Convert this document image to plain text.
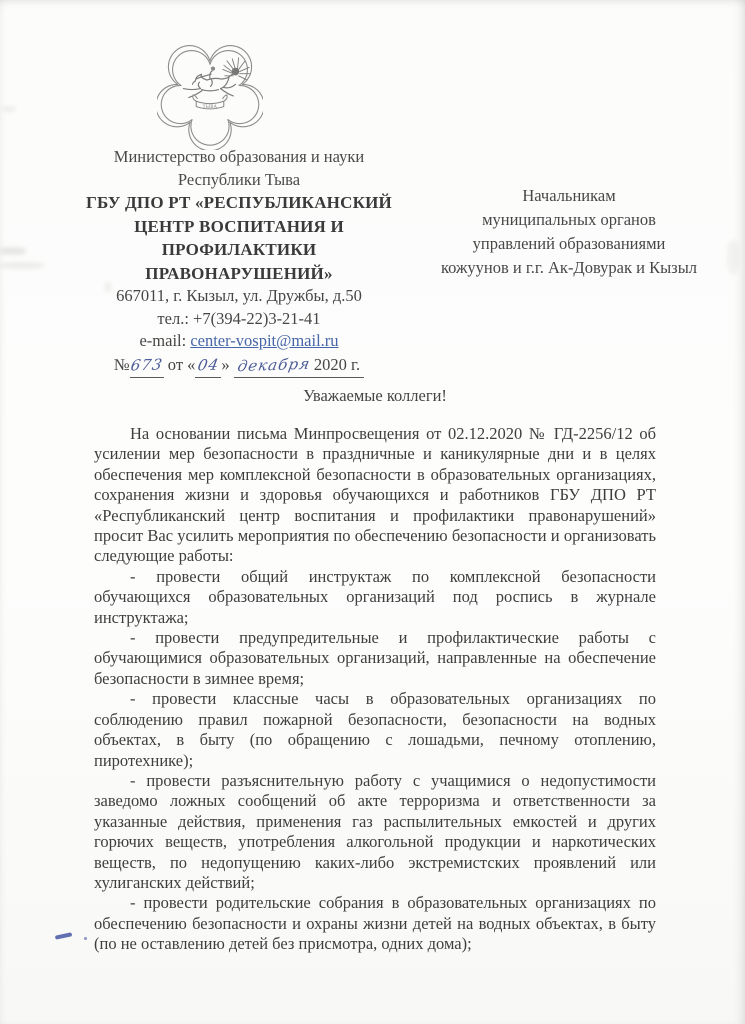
ТЫВА
Министерство образования и науки
Республики Тыва
ГБУ ДПО РТ «РЕСПУБЛИКАНСКИЙ
ЦЕНТР ВОСПИТАНИЯ И
ПРОФИЛАКТИКИ
ПРАВОНАРУШЕНИЙ»
667011, г. Кызыл, ул. Дружбы, д.50
тел.: +7(394-22)3-21-41
e-mail: center-vospit@mail.ru
№673 от «04» декабря 2020 г.
Начальникам
муниципальных органов
управлений образованиями
кожуунов и г.г. Ак-Довурак и Кызыл
Уважаемые коллеги!

На основании письма Минпросвещения от 02.12.2020 № ГД-2256/12 об усилении мер безопасности в праздничные и каникулярные дни и в целях обеспечения мер комплексной безопасности в образовательных организациях, сохранения жизни и здоровья обучающихся и работников ГБУ ДПО РТ «Республиканский центр воспитания и профилактики правонарушений» просит Вас усилить мероприятия по обеспечению безопасности и организовать следующие работы:

- провести общий инструктаж по комплексной безопасности обучающихся образовательных организаций под роспись в журнале инструктажа;

- провести предупредительные и профилактические работы с обучающимися образовательных организаций, направленные на обеспечение безопасности в зимнее время;

- провести классные часы в образовательных организациях по соблюдению правил пожарной безопасности, безопасности на водных объектах, в быту (по обращению с лошадьми, печному отоплению, пиротехнике);

- провести разъяснительную работу с учащимися о недопустимости заведомо ложных сообщений об акте терроризма и ответственности за указанные действия, применения газ распылительных емкостей и других горючих веществ, употребления алкогольной продукции и наркотических веществ, по недопущению каких-либо экстремистских проявлений или хулиганских действий;

- провести родительские собрания в образовательных организациях по обеспечению безопасности и охраны жизни детей на водных объектах, в быту (по не оставлению детей без присмотра, одних дома);
